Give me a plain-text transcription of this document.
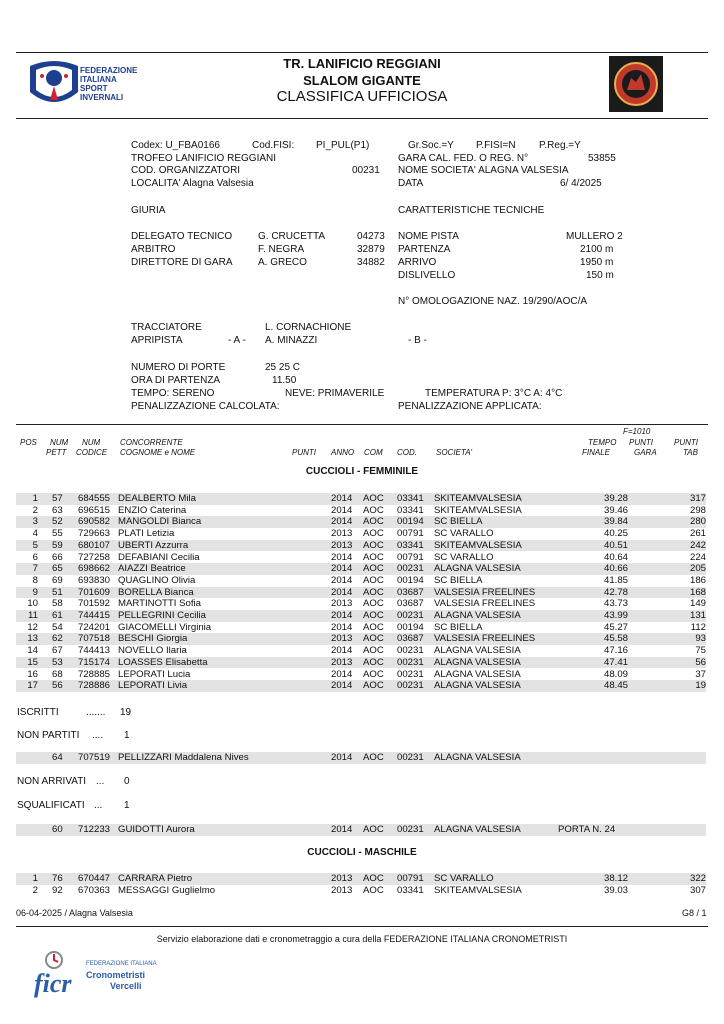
FEDERAZIONE
ITALIANA
SPORT
INVERNALI
TR. LANIFICIO REGGIANI
SLALOM GIGANTE
CLASSIFICA UFFICIOSA
Codex: U_FBA0166	Cod.FISI: PI_PUL(P1)	Gr.Soc.=Y P.FISI=N P.Reg.=Y
TROFEO LANIFICIO REGGIANI	GARA CAL. FED. O REG. N°	53855
COD. ORGANIZZATORI	00231 NOME SOCIETA' ALAGNA VALSESIA
LOCALITA' Alagna Valsesia	DATA	6/ 4/2025
GIURIA	CARATTERISTICHE TECNICHE
DELEGATO TECNICO	G. CRUCETTA	04273 NOME PISTA	MULLERO 2
ARBITRO	F. NEGRA	32879 PARTENZA	2100 m
DIRETTORE DI GARA	A. GRECO	34882 ARRIVO	1950 m
DISLIVELLO	150 m
N° OMOLOGAZIONE NAZ. 19/290/AOC/A
TRACCIATORE	L. CORNACHIONE
APRIPISTA	- A - A. MINAZZI	- B -
NUMERO DI PORTE	25 25 C
ORA DI PARTENZA	11.50
TEMPO: SERENO	NEVE: PRIMAVERILE	TEMPERATURA P: 3°C A: 4°C
PENALIZZAZIONE CALCOLATA:	PENALIZZAZIONE APPLICATA:
F=1010
POS NUM
PETT
NUM
CODICE
CONCORRENTE
COGNOME e NOME	PUNTI ANNO COM COD. SOCIETA'
TEMPO
FINALE
PUNTI
GARA
PUNTI
TAB
CUCCIOLI - FEMMINILE
1 57 684555 DEALBERTO Mila	2014 AOC 03341 SKITEAMVALSESIA	39.28	317
2 63 696515 ENZIO Caterina	2014 AOC 03341 SKITEAMVALSESIA	39.46	298
3 52 690582 MANGOLDI Bianca	2014 AOC 00194 SC BIELLA	39.84	280
4 55 729663 PLATI Letizia	2013 AOC 00791 SC VARALLO	40.25	261
5 59 680107 UBERTI Azzurra	2013 AOC 03341 SKITEAMVALSESIA	40.51	242
6 66 727258 DEFABIANI Cecilia	2014 AOC 00791 SC VARALLO	40.64	224
7 65 698662 AIAZZI Beatrice	2014 AOC 00231 ALAGNA VALSESIA	40.66	205
8 69 693830 QUAGLINO Olivia	2014 AOC 00194 SC BIELLA	41.85	186
9 51 701609 BORELLA Bianca	2014 AOC 03687 VALSESIA FREELINES	42.78	168
10 58 701592 MARTINOTTI Sofia	2013 AOC 03687 VALSESIA FREELINES	43.73	149
11 61 744415 PELLEGRINI Cecilia	2014 AOC 00231 ALAGNA VALSESIA	43.99	131
12 54 724201 GIACOMELLI Virginia	2014 AOC 00194 SC BIELLA	45.27	112
13 62 707518 BESCHI Giorgia	2013 AOC 03687 VALSESIA FREELINES	45.58	93
14 67 744413 NOVELLO Ilaria	2014 AOC 00231 ALAGNA VALSESIA	47.16	75
15 53 715174 LOASSES Elisabetta	2013 AOC 00231 ALAGNA VALSESIA	47.41	56
16 68 728885 LEPORATI Lucia	2014 AOC 00231 ALAGNA VALSESIA	48.09	37
17 56 728886 LEPORATI Livia	2014 AOC 00231 ALAGNA VALSESIA	48.45	19
ISCRITTI	....... 19
NON PARTITI .... 1
64 707519 PELLIZZARI Maddalena Nives	2014 AOC 00231 ALAGNA VALSESIA
NON ARRIVATI ... 0
SQUALIFICATI ... 1
60 712233 GUIDOTTI Aurora	2014 AOC 00231 ALAGNA VALSESIA	PORTA N. 24
CUCCIOLI - MASCHILE
1 76 670447 CARRARA Pietro	2013 AOC 00791 SC VARALLO	38.12	322
2 92 670363 MESSAGGI Guglielmo	2013 AOC 03341 SKITEAMVALSESIA	39.03	307
06-04-2025 / Alagna Valsesia	G8 / 1
Servizio elaborazione dati e cronometraggio a cura della FEDERAZIONE ITALIANA CRONOMETRISTI
ficr
FEDERAZIONE ITALIANA
Cronometristi
Vercelli
